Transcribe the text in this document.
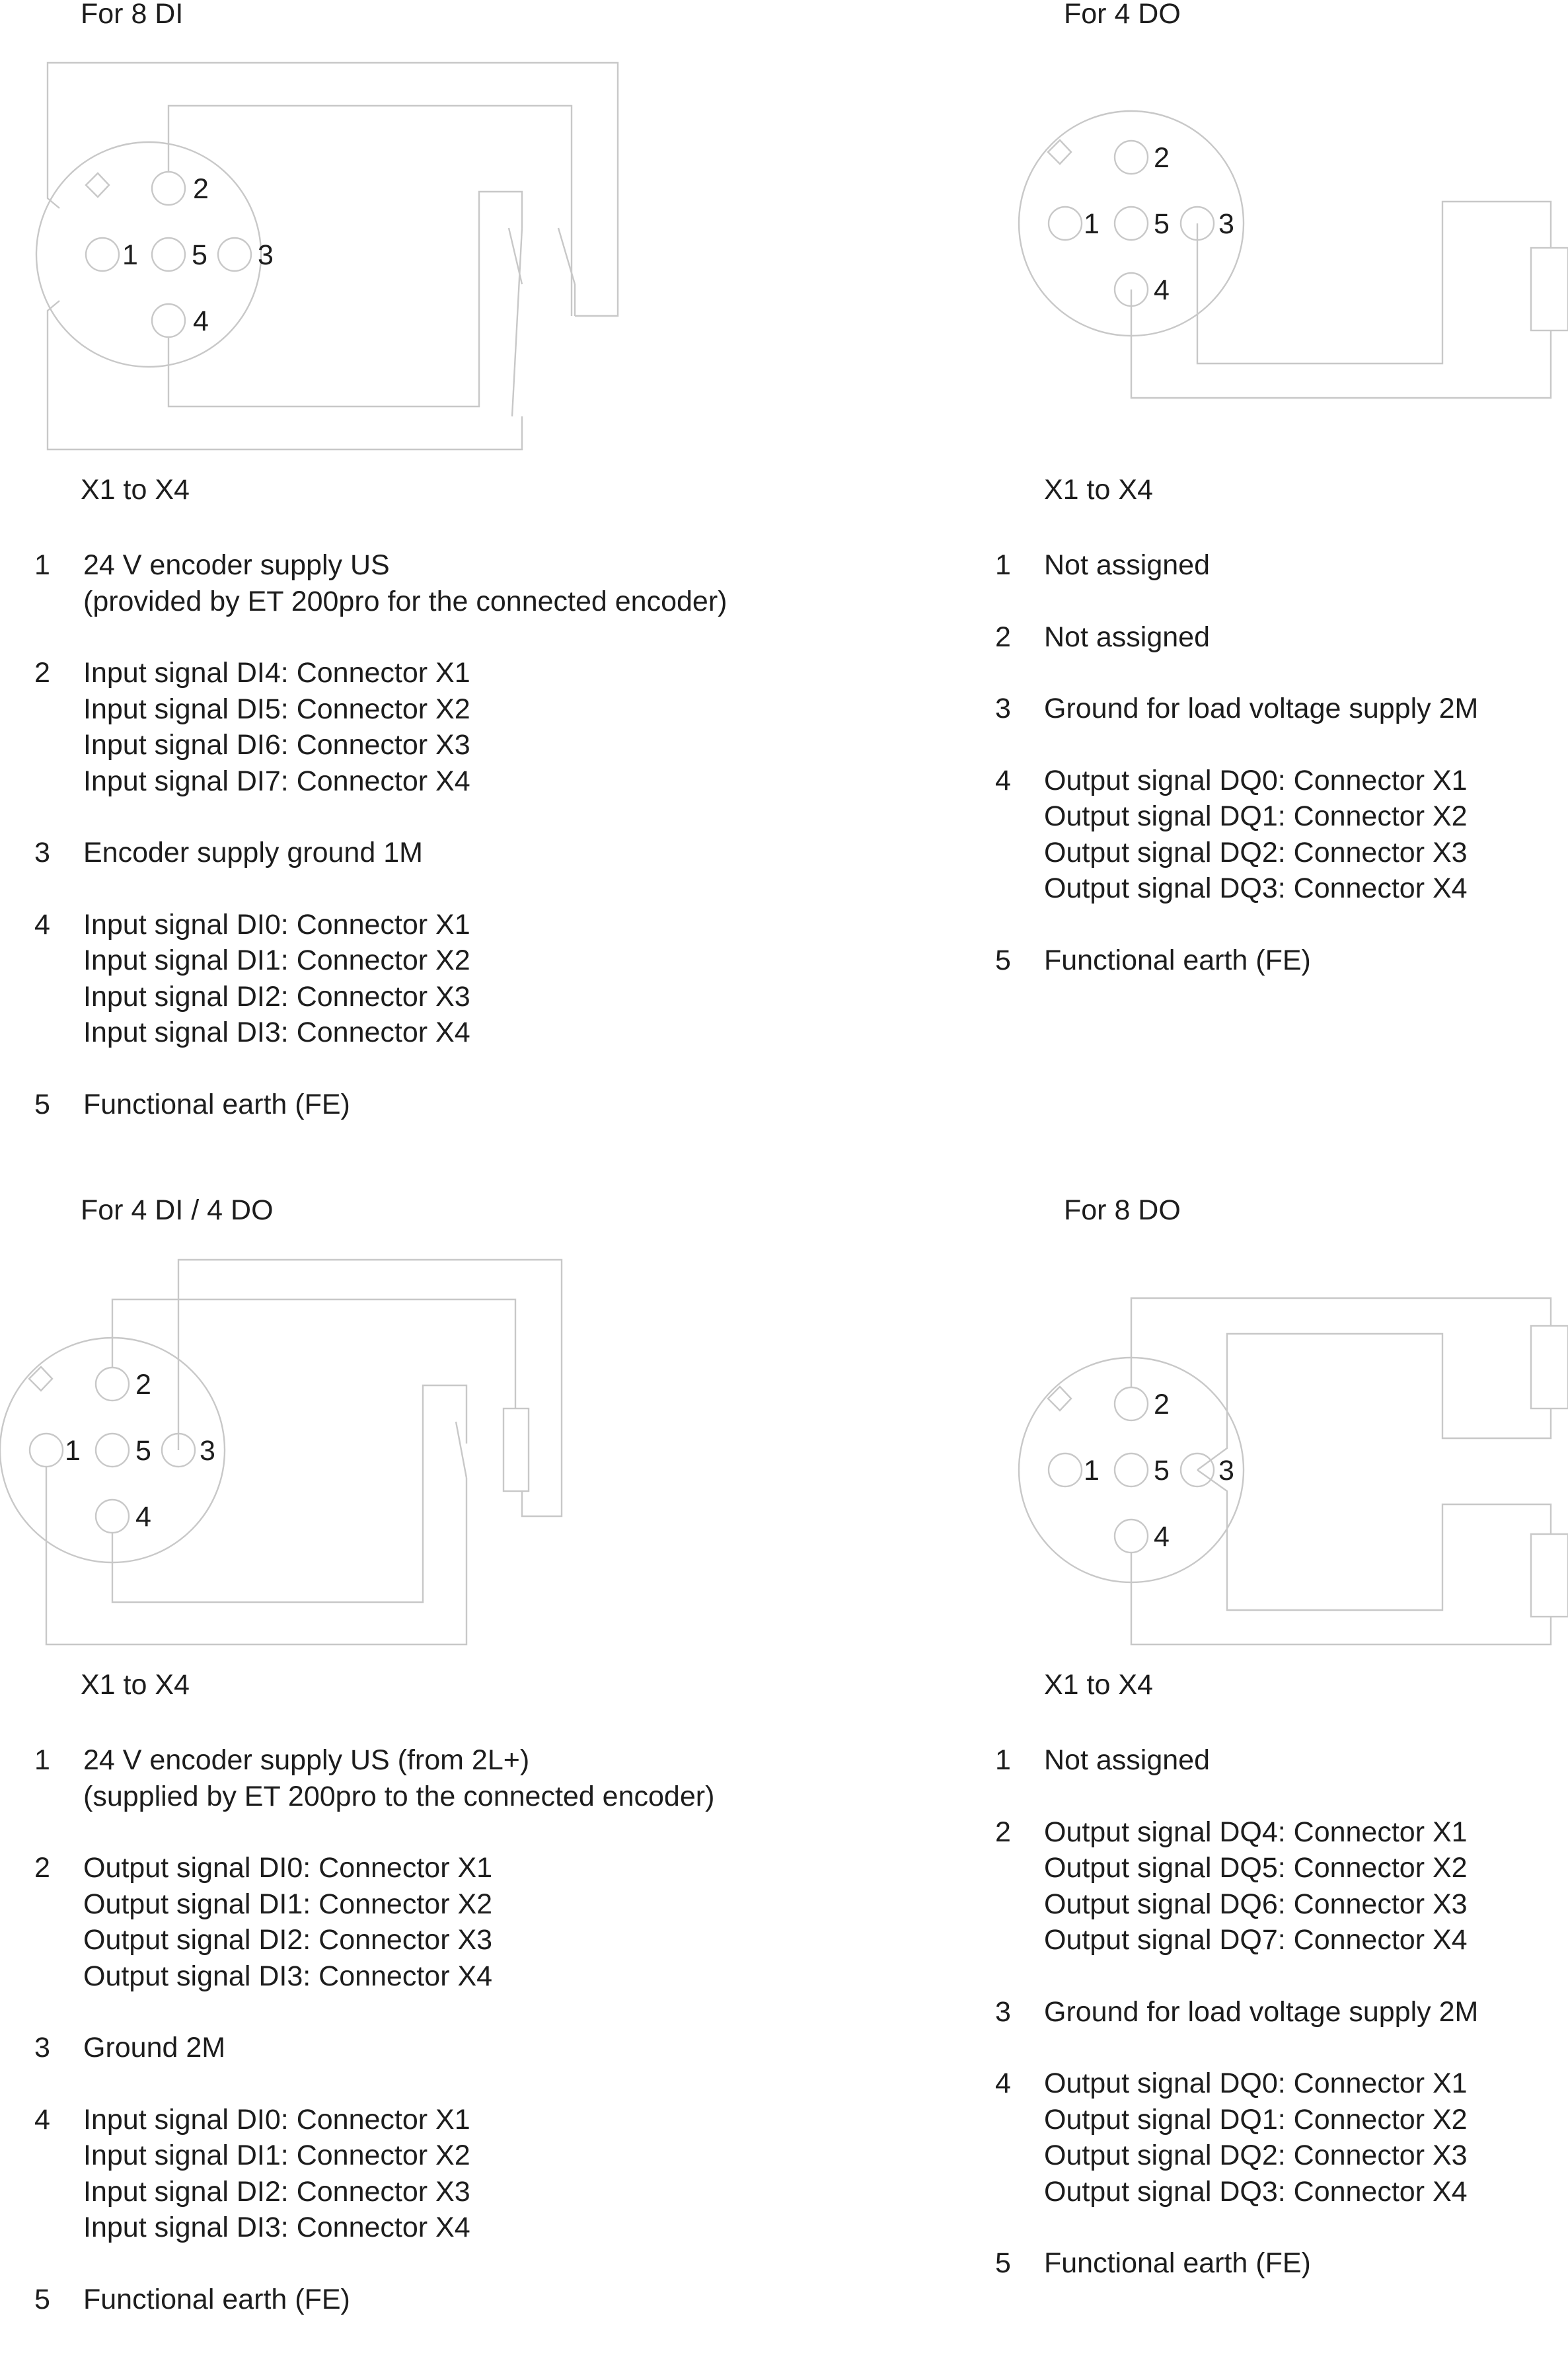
2
1 5 3
4
For 8 DI
X1 to X4
1 24 V encoder supply US
(provided by ET 200pro for the connected encoder)
2 Input signal DI4: Connector X1
Input signal DI5: Connector X2
Input signal DI6: Connector X3
Input signal DI7: Connector X4
3 Encoder supply ground 1M
4 Input signal DI0: Connector X1
Input signal DI1: Connector X2
Input signal DI2: Connector X3
Input signal DI3: Connector X4
5 Functional earth (FE)
2
1 5 3
4
For 4 DO
X1 to X4
1 Not assigned
2 Not assigned
3 Ground for load voltage supply 2M
4 Output signal DQ0: Connector X1
Output signal DQ1: Connector X2
Output signal DQ2: Connector X3
Output signal DQ3: Connector X4
5 Functional earth (FE)
2
1 5 3
4
For 4 DI / 4 DO
X1 to X4
1 24 V encoder supply US (from 2L+)
(supplied by ET 200pro to the connected encoder)
2 Output signal DI0: Connector X1
Output signal DI1: Connector X2
Output signal DI2: Connector X3
Output signal DI3: Connector X4
3 Ground 2M
4 Input signal DI0: Connector X1
Input signal DI1: Connector X2
Input signal DI2: Connector X3
Input signal DI3: Connector X4
5 Functional earth (FE)
2
1 5 3
4
For 8 DO
X1 to X4
1 Not assigned
2 Output signal DQ4: Connector X1
Output signal DQ5: Connector X2
Output signal DQ6: Connector X3
Output signal DQ7: Connector X4
3 Ground for load voltage supply 2M
4 Output signal DQ0: Connector X1
Output signal DQ1: Connector X2
Output signal DQ2: Connector X3
Output signal DQ3: Connector X4
5 Functional earth (FE)
